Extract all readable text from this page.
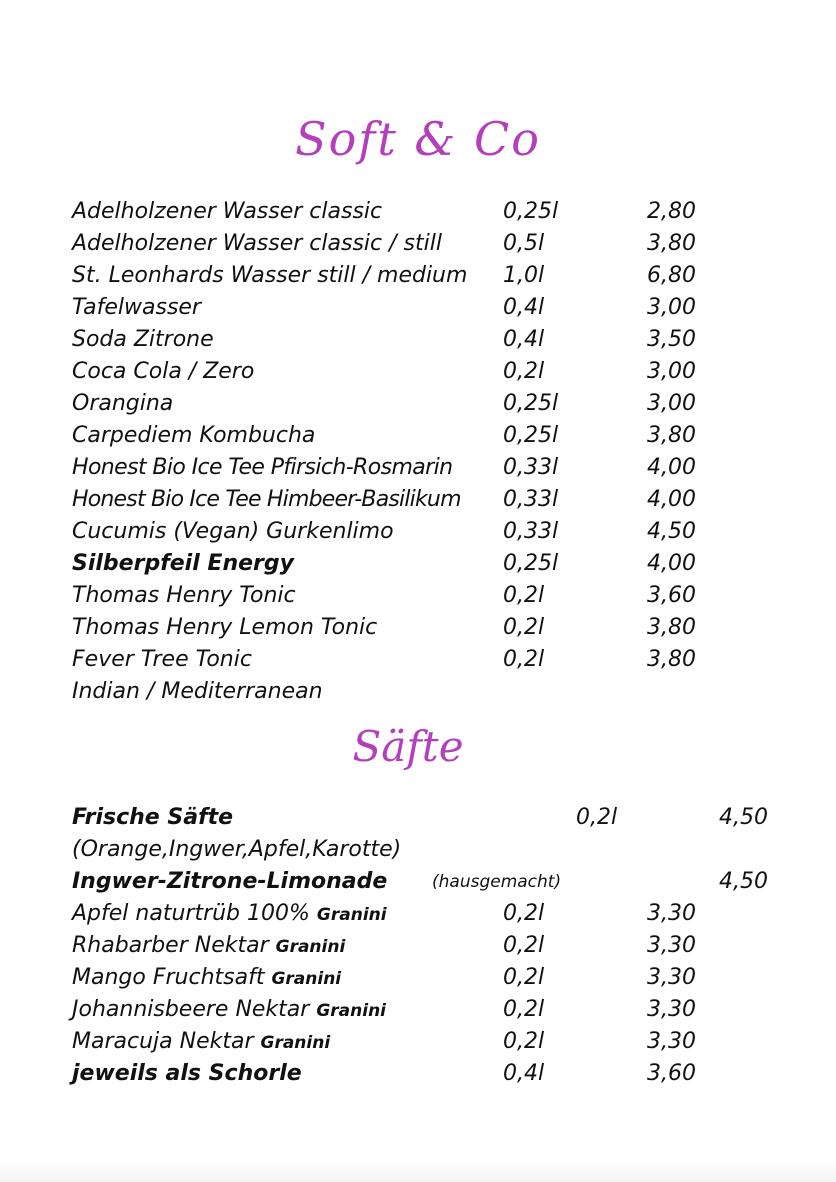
Soft & Co
Adelholzener Wasser classic	0,25l	2,80
Adelholzener Wasser classic / still	0,5l	3,80
St. Leonhards Wasser still / medium 1,0l	6,80
Tafelwasser	0,4l	3,00
Soda Zitrone	0,4l	3,50
Coca Cola / Zero	0,2l	3,00
Orangina	0,25l	3,00
Carpediem Kombucha	0,25l	3,80
Honest Bio Ice Tee Pfirsich-Rosmarin 0,33l	4,00
Honest Bio Ice Tee Himbeer-Basilikum 0,33l	4,00
Cucumis (Vegan) Gurkenlimo	0,33l	4,50
Silberpfeil Energy	0,25l	4,00
Thomas Henry Tonic	0,2l	3,60
Thomas Henry Lemon Tonic	0,2l	3,80
Fever Tree Tonic	0,2l	3,80
Indian / Mediterranean
Säfte
Frische Säfte	0,2l	4,50
(Orange,Ingwer,Apfel,Karotte)
Ingwer-Zitrone-Limonade	(hausgemacht)	4,50
Apfel naturtrüb 100% Granini	0,2l	3,30
Rhabarber Nektar Granini	0,2l	3,30
Mango Fruchtsaft Granini	0,2l	3,30
Johannisbeere Nektar Granini	0,2l	3,30
Maracuja Nektar Granini	0,2l	3,30
jeweils als Schorle	0,4l	3,60
